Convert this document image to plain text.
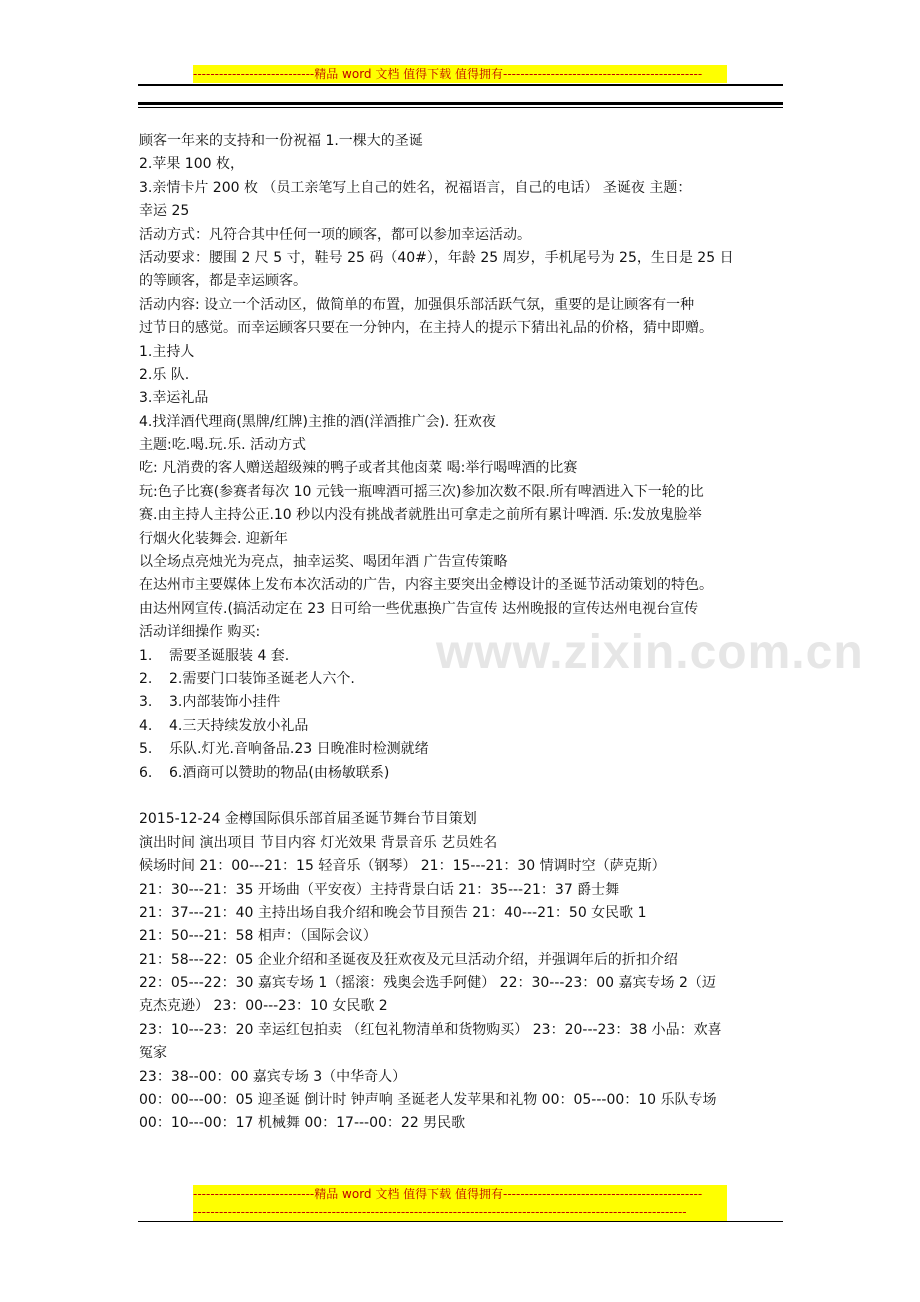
----------------------------精品 word 文档 值得下载 值得拥有----------------------------------------------
www.zixin.com.cn
顾客一年来的支持和一份祝福 1.一棵大的圣诞
2.苹果 100 枚，
3.亲情卡片 200 枚 （员工亲笔写上自己的姓名，祝福语言，自己的电话） 圣诞夜 主题：
幸运 25
活动方式：凡符合其中任何一项的顾客，都可以参加幸运活动。
活动要求：腰围 2 尺 5 寸，鞋号 25 码（40#），年龄 25 周岁，手机尾号为 25，生日是 25 日
的等顾客，都是幸运顾客。
活动内容: 设立一个活动区，做简单的布置，加强俱乐部活跃气氛，重要的是让顾客有一种
过节日的感觉。而幸运顾客只要在一分钟内，在主持人的提示下猜出礼品的价格，猜中即赠。
1.主持人
2.乐 队.
3.幸运礼品
4.找洋酒代理商(黑牌/红牌)主推的酒(洋酒推广会). 狂欢夜
主题:吃.喝.玩.乐. 活动方式
吃: 凡消费的客人赠送超级辣的鸭子或者其他卤菜 喝:举行喝啤酒的比赛
玩:色子比赛(参赛者每次 10 元钱一瓶啤酒可摇三次)参加次数不限.所有啤酒进入下一轮的比
赛.由主持人主持公正.10 秒以内没有挑战者就胜出可拿走之前所有累计啤酒. 乐:发放鬼脸举
行烟火化装舞会. 迎新年
以全场点亮烛光为亮点，抽幸运奖、喝团年酒 广告宣传策略
在达州市主要媒体上发布本次活动的广告，内容主要突出金樽设计的圣诞节活动策划的特色。
由达州网宣传.(搞活动定在 23 日可给一些优惠换广告宣传 达州晚报的宣传达州电视台宣传
活动详细操作 购买:
1.	需要圣诞服装 4 套.
2.	2.需要门口装饰圣诞老人六个.
3.	3.内部装饰小挂件
4.	4.三天持续发放小礼品
5.	乐队.灯光.音响备品.23 日晚准时检测就绪
6.	6.酒商可以赞助的物品(由杨敏联系)
2015-12-24 金樽国际俱乐部首届圣诞节舞台节目策划
演出时间 演出项目 节目内容 灯光效果 背景音乐 艺员姓名
候场时间 21：00---21：15 轻音乐（钢琴） 21：15---21：30 情调时空（萨克斯）
21：30---21：35 开场曲（平安夜）主持背景白话 21：35---21：37 爵士舞
21：37---21：40 主持出场自我介绍和晚会节目预告 21：40---21：50 女民歌 1
21：50---21：58 相声：（国际会议）
21：58---22：05 企业介绍和圣诞夜及狂欢夜及元旦活动介绍，并强调年后的折扣介绍
22：05---22：30 嘉宾专场 1（摇滚：残奥会选手阿健） 22：30---23：00 嘉宾专场 2（迈
克杰克逊） 23：00---23：10 女民歌 2
23：10---23：20 幸运红包拍卖 （红包礼物清单和货物购买） 23：20---23：38 小品：欢喜
冤家
23：38--00：00 嘉宾专场 3（中华奇人）
00：00---00：05 迎圣诞 倒计时 钟声响 圣诞老人发苹果和礼物 00：05---00：10 乐队专场
00：10---00：17 机械舞 00：17---00：22 男民歌
----------------------------精品 word 文档 值得下载 值得拥有----------------------------------------------
------------------------------------------------------------------------------------------------------------------
